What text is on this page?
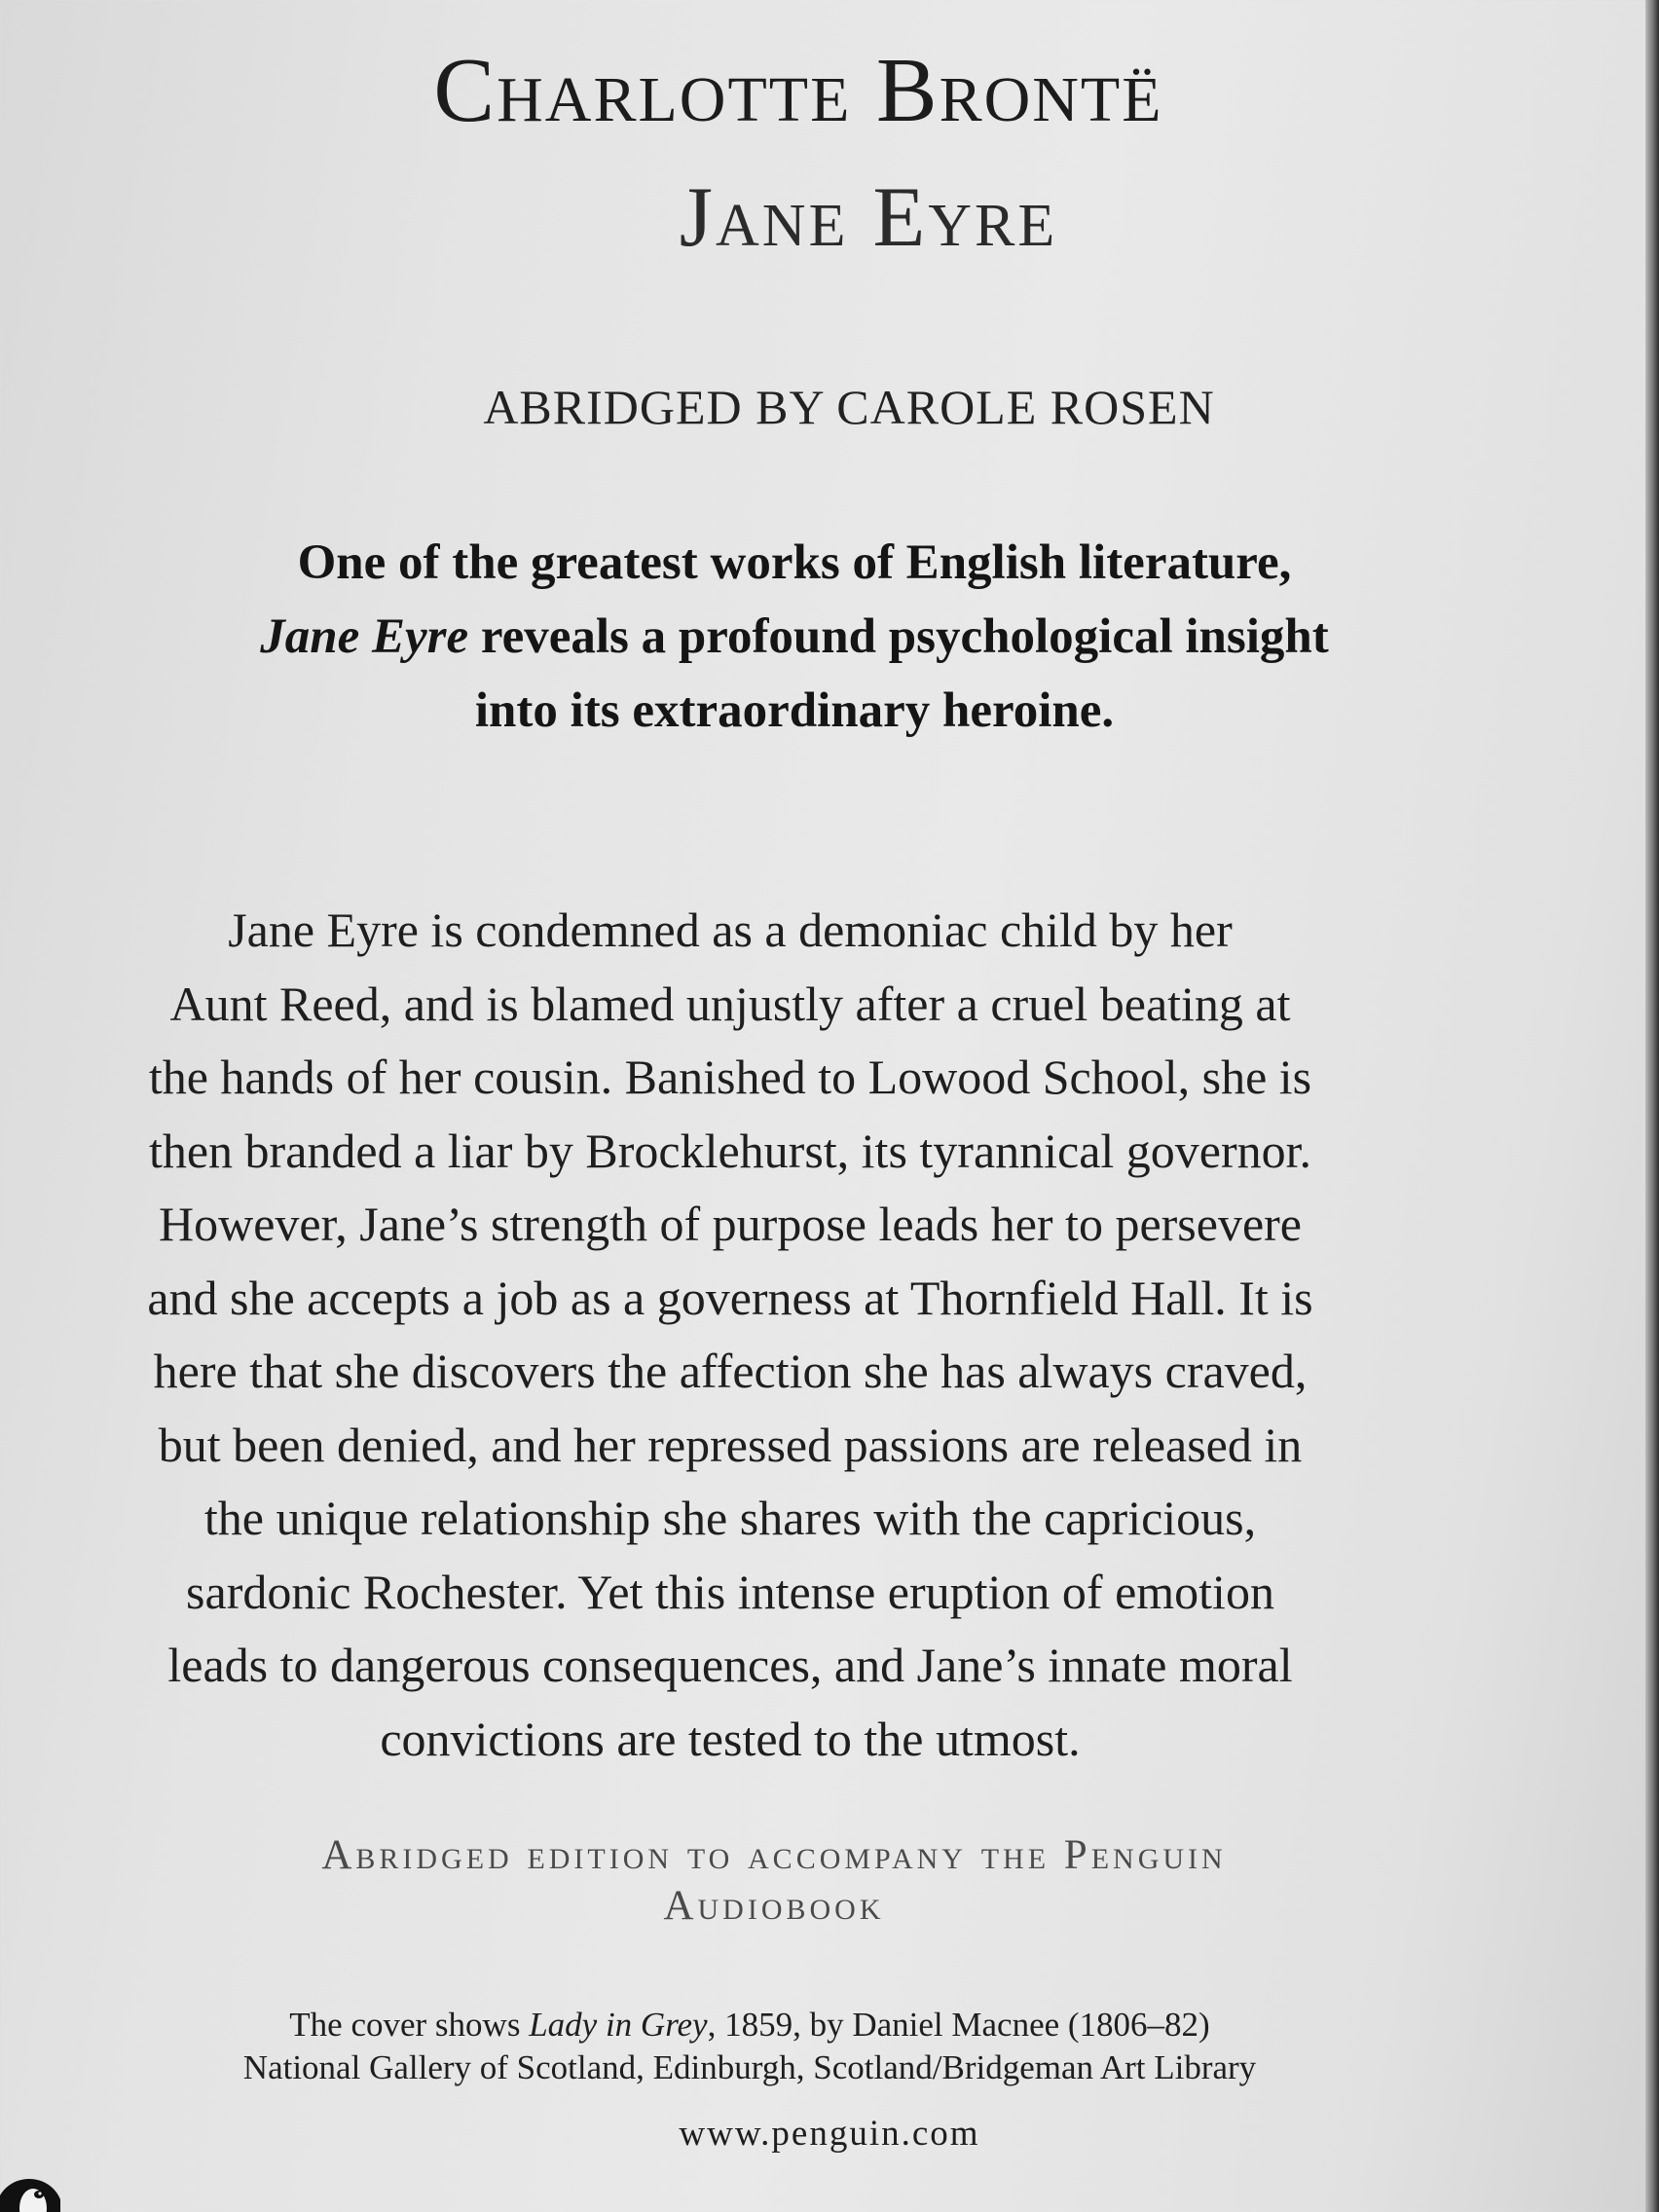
Charlotte Brontë
Jane Eyre
ABRIDGED BY CAROLE ROSEN
One of the greatest works of English literature,
Jane Eyre reveals a profound psychological insight
into its extraordinary heroine.
Jane Eyre is condemned as a demoniac child by her
Aunt Reed, and is blamed unjustly after a cruel beating at
the hands of her cousin. Banished to Lowood School, she is
then branded a liar by Brocklehurst, its tyrannical governor.
However, Jane’s strength of purpose leads her to persevere
and she accepts a job as a governess at Thornfield Hall. It is
here that she discovers the affection she has always craved,
but been denied, and her repressed passions are released in
the unique relationship she shares with the capricious,
sardonic Rochester. Yet this intense eruption of emotion
leads to dangerous consequences, and Jane’s innate moral
convictions are tested to the utmost.
Abridged edition to accompany the Penguin
Audiobook
The cover shows Lady in Grey, 1859, by Daniel Macnee (1806–82)
National Gallery of Scotland, Edinburgh, Scotland/Bridgeman Art Library
www.penguin.com
